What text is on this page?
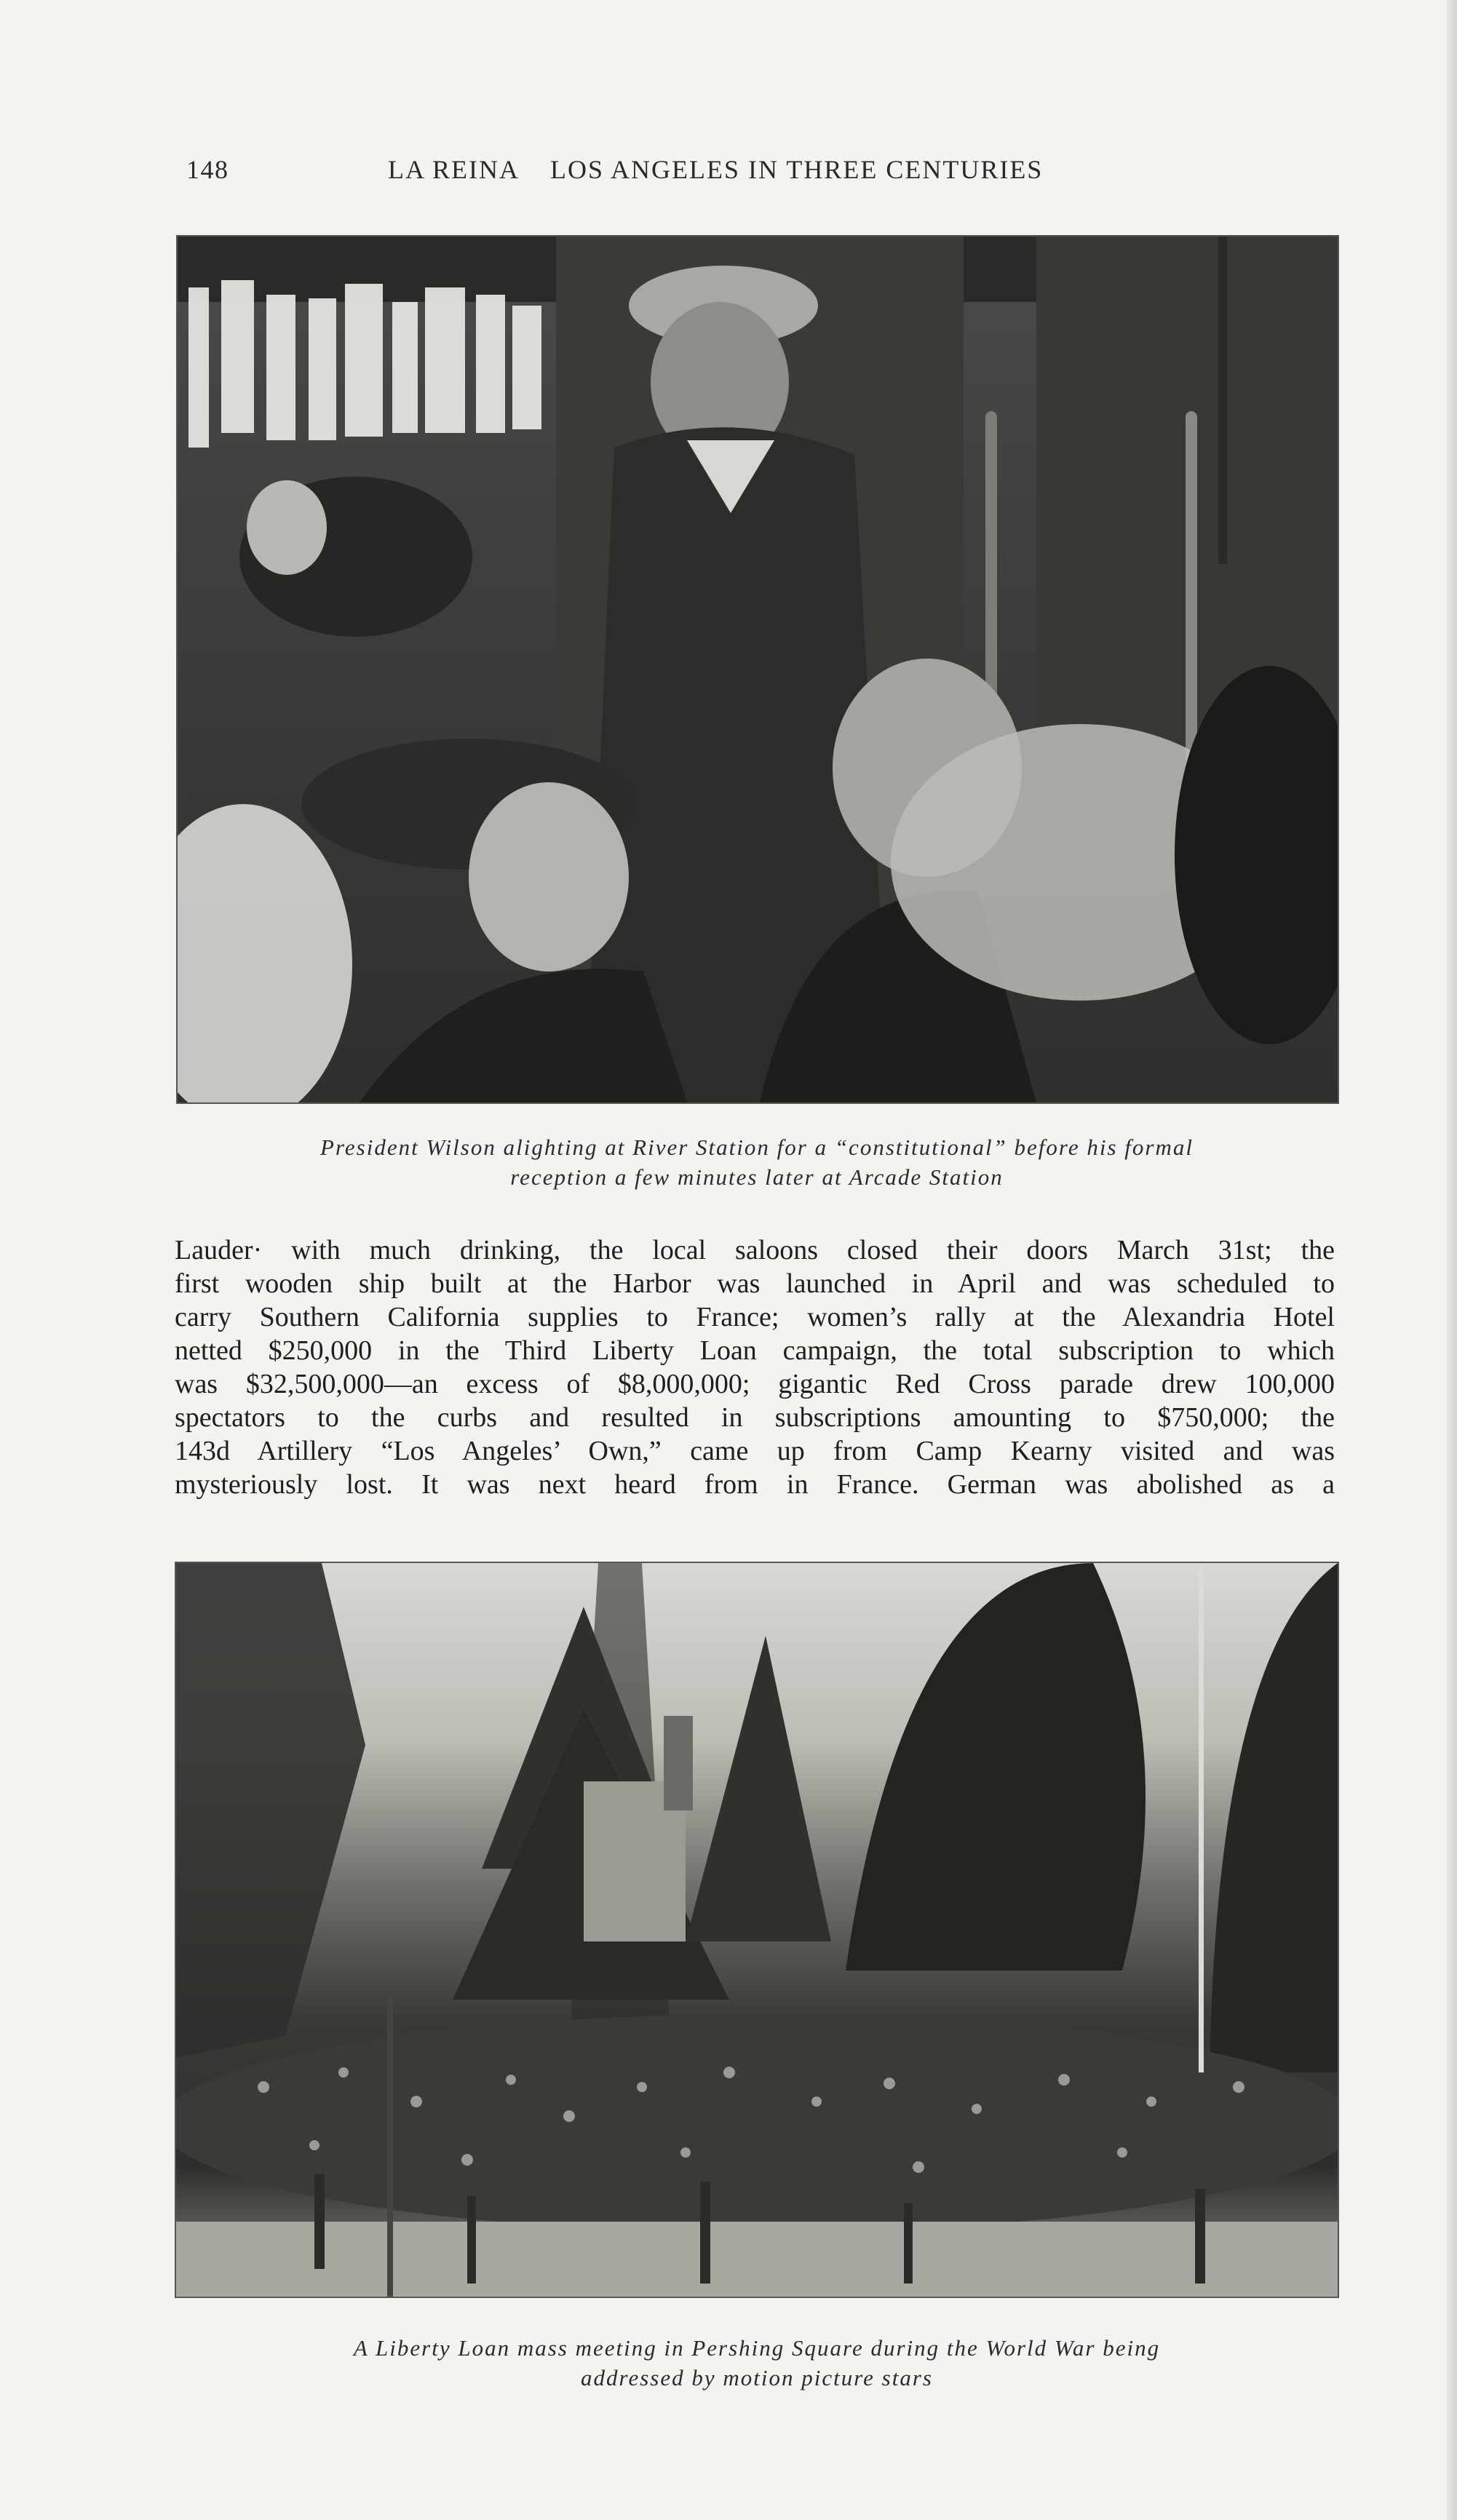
148	LA REINA    LOS ANGELES IN THREE CENTURIES
President Wilson alighting at River Station for a “constitutional” before his formal
reception a few minutes later at Arcade Station
Lauder· with much drinking, the local saloons closed their doors March 31st; the
first wooden ship built at the Harbor was launched in April and was scheduled to
carry Southern California supplies to France; women’s rally at the Alexandria Hotel
netted $250,000 in the Third Liberty Loan campaign, the total subscription to which
was $32,500,000—an excess of $8,000,000; gigantic Red Cross parade drew 100,000
spectators to the curbs and resulted in subscriptions amounting to $750,000; the
143d Artillery “Los Angeles’ Own,” came up from Camp Kearny visited and was
mysteriously lost. It was next heard from in France. German was abolished as a
A Liberty Loan mass meeting in Pershing Square during the World War being
addressed by motion picture stars
